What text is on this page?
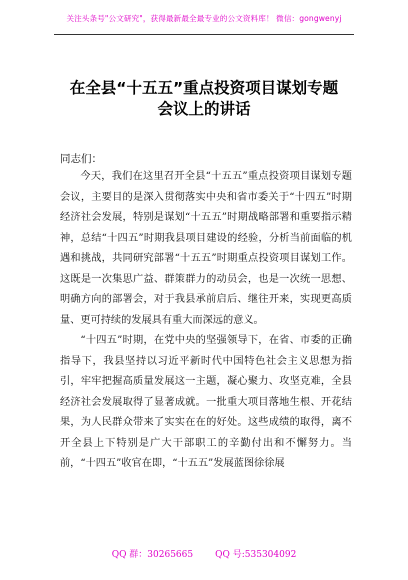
关注头条号"公文研究"，获得最新最全最专业的公文资料库！ 微信：gongwenyj
在全县“十五五”重点投资项目谋划专题
会议上的讲话
同志们：

今天，我们在这里召开全县“十五五”重点投资项目谋划专题会议，主要目的是深入贯彻落实中央和省市委关于“十四五”时期经济社会发展，特别是谋划“十五五”时期战略部署和重要指示精神，总结“十四五”时期我县项目建设的经验，分析当前面临的机遇和挑战，共同研究部署“十五五”时期重点投资项目谋划工作。这既是一次集思广益、群策群力的动员会，也是一次统一思想、明确方向的部署会，对于我县承前启后、继往开来，实现更高质量、更可持续的发展具有重大而深远的意义。

“十四五”时期，在党中央的坚强领导下，在省、市委的正确指导下，我县坚持以习近平新时代中国特色社会主义思想为指引，牢牢把握高质量发展这一主题，凝心聚力、攻坚克难，全县经济社会发展取得了显著成就。一批重大项目落地生根、开花结果，为人民群众带来了实实在在的好处。这些成绩的取得，离不开全县上下特别是广大干部职工的辛勤付出和不懈努力。当前，“十四五”收官在即，“十五五”发展蓝图徐徐展

QQ 群：30265665 QQ 号:535304092
